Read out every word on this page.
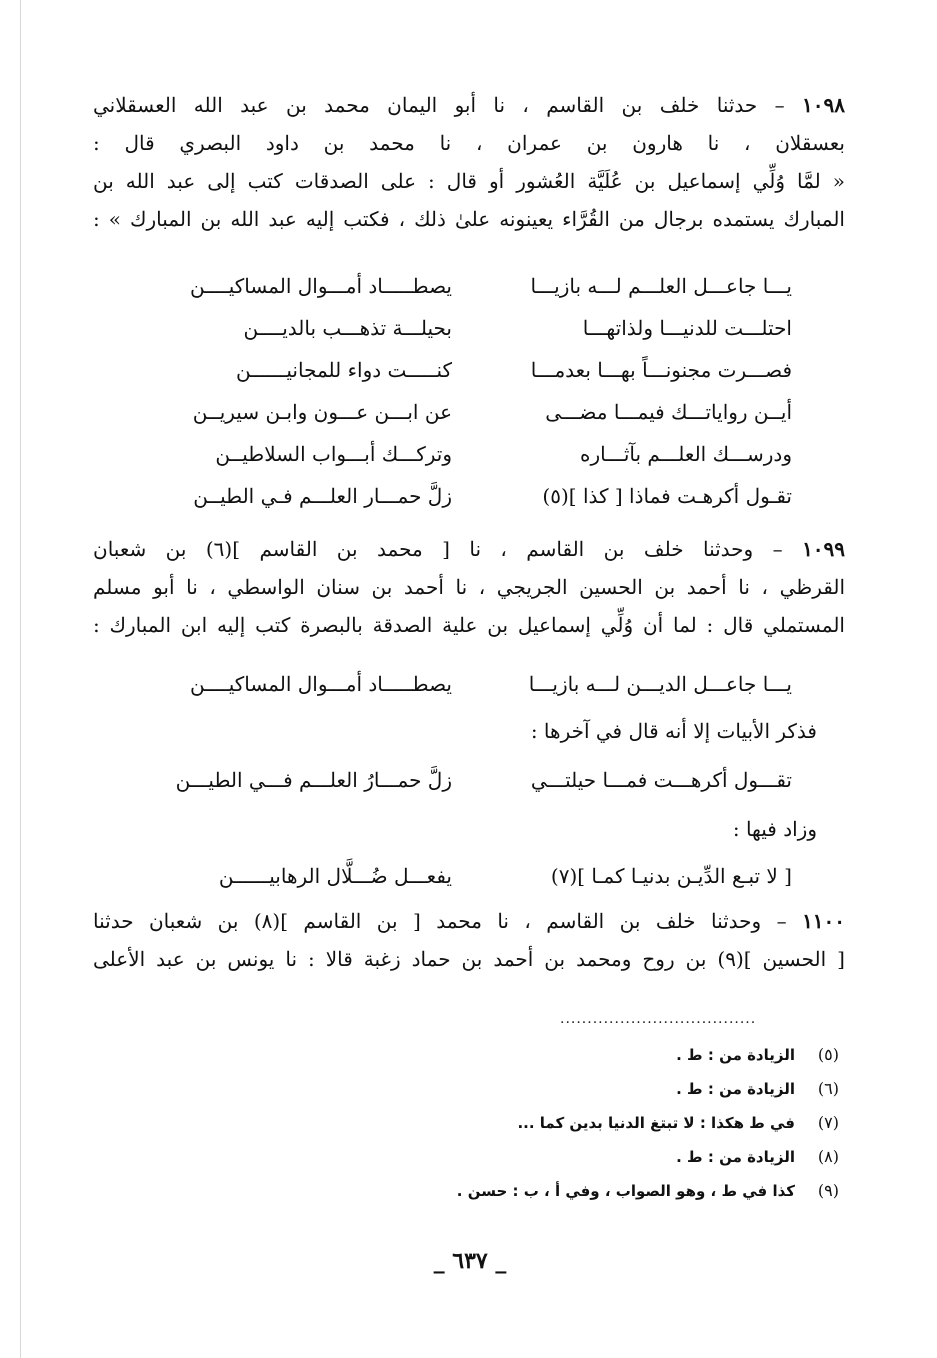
١٠٩٨ – حدثنا خلف بن القاسم ، نا أبو اليمان محمد بن عبد الله العسقلاني
بعسقلان ، نا هارون بن عمران ، نا محمد بن داود البصري قال :
« لمَّا وُلِّي إسماعيل بن عُلَيَّة العُشور أو قال : على الصدقات كتب إلى عبد الله بن
المبارك يستمده برجال من القُرَّاء يعينونه علىٰ ذلك ، فكتب إليه عبد الله بن المبارك » :
يـــا جاعـــل العلـــم لـــه بازيـــا
يصطـــــاد أمـــوال المساكيــــن
احتلـــت للدنيـــا ولذاتهـــا
بحيلـــة تذهـــب بالديــــن
فصـــرت مجنونـــاً بهـــا بعدمـــا
كنـــــت دواء للمجانيــــــن
أيــن رواياتـــك فيمـــا مضـــى
عن ابـــن عـــون وابـن سيريــن
ودرســـك العلـــم بآثـــاره
وتركـــك أبـــواب السلاطيــن
تقـول أكرهـت فماذا [ كذا ](٥)
زلَّ حمـــار العلـــم فـي الطيــن
١٠٩٩ – وحدثنا خلف بن القاسم ، نا [ محمد بن القاسم ](٦) بن شعبان
القرظي ، نا أحمد بن الحسين الجريجي ، نا أحمد بن سنان الواسطي ، نا أبو مسلم
المستملي قال : لما أن وُلِّي إسماعيل بن علية الصدقة بالبصرة كتب إليه ابن المبارك :
يـــا جاعـــل الديـــن لـــه بازيـــا
يصطـــــاد أمـــوال المساكيــــن
فذكر الأبيات إلا أنه قال في آخرها :
تقـــول أكرهـــت فمـــا حيلتـــي
زلَّ حمـــارُ العلـــم فـــي الطيـــن
وزاد فيها :
[ لا تبـع الدِّيـن بدنيـا كمـا ](٧)
يفعـــل ضُـــلَّال الرهابيــــــن
١١٠٠ – وحدثنا خلف بن القاسم ، نا محمد [ بن القاسم ](٨) بن شعبان حدثنا
[ الحسين ](٩) بن روح ومحمد بن أحمد بن حماد زغبة قالا : نا يونس بن عبد الأعلى
....................................
(٥)الزيادة من : ط .
(٦)الزيادة من : ط .
(٧)في ط هكذا : لا تبتغ الدنيا بدين كما ...
(٨)الزيادة من : ط .
(٩)كذا في ط ، وهو الصواب ، وفي أ ، ب : حسن .
_ ٦٣٧ _
